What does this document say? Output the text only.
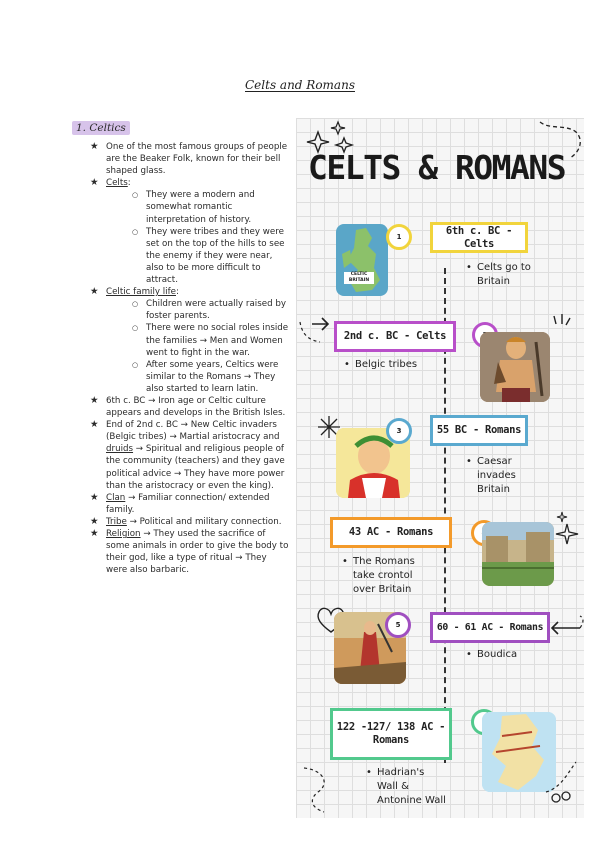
Celts and Romans
1. Celtics
★ One of the most famous groups of people are the Beaker Folk, known for their bell shaped glass.
★ Celts:
○ They were a modern and somewhat romantic interpretation of history.
○ They were tribes and they were set on the top of the hills to see the enemy if they were near, also to be more difficult to attract.
★ Celtic family life:
○ Children were actually raised by foster parents.
○ There were no social roles inside the families → Men and Women went to fight in the war.
○ After some years, Celtics were similar to the Romans → They also started to learn latin.
★ 6th c. BC → Iron age or Celtic culture appears and develops in the British Isles.
★ End of 2nd c. BC → New Celtic invaders (Belgic tribes) → Martial aristocracy and druids → Spiritual and religious people of the community (teachers) and they gave political advice → They have more power than the aristocracy or even the king).
★ Clan → Familiar connection/ extended family.
★ Tribe → Political and military connection.
★ Religion → They used the sacrifice of some animals in order to give the body to their god, like a type of ritual → They were also barbaric.
CELTS & ROMANS
CELTIC BRITAIN
1
6th c. BC - Celts
• Celts go to
Britain
2nd c. BC - Celts
• Belgic tribes
3	55 BC - Romans
• Caesar
invades
Britain
43 AC - Romans
• The Romans
take crontol
over Britain
5	60 - 61 AC - Romans
• Boudica
122 -127/ 138 AC -
Romans
• Hadrian's
Wall &
Antonine Wall
